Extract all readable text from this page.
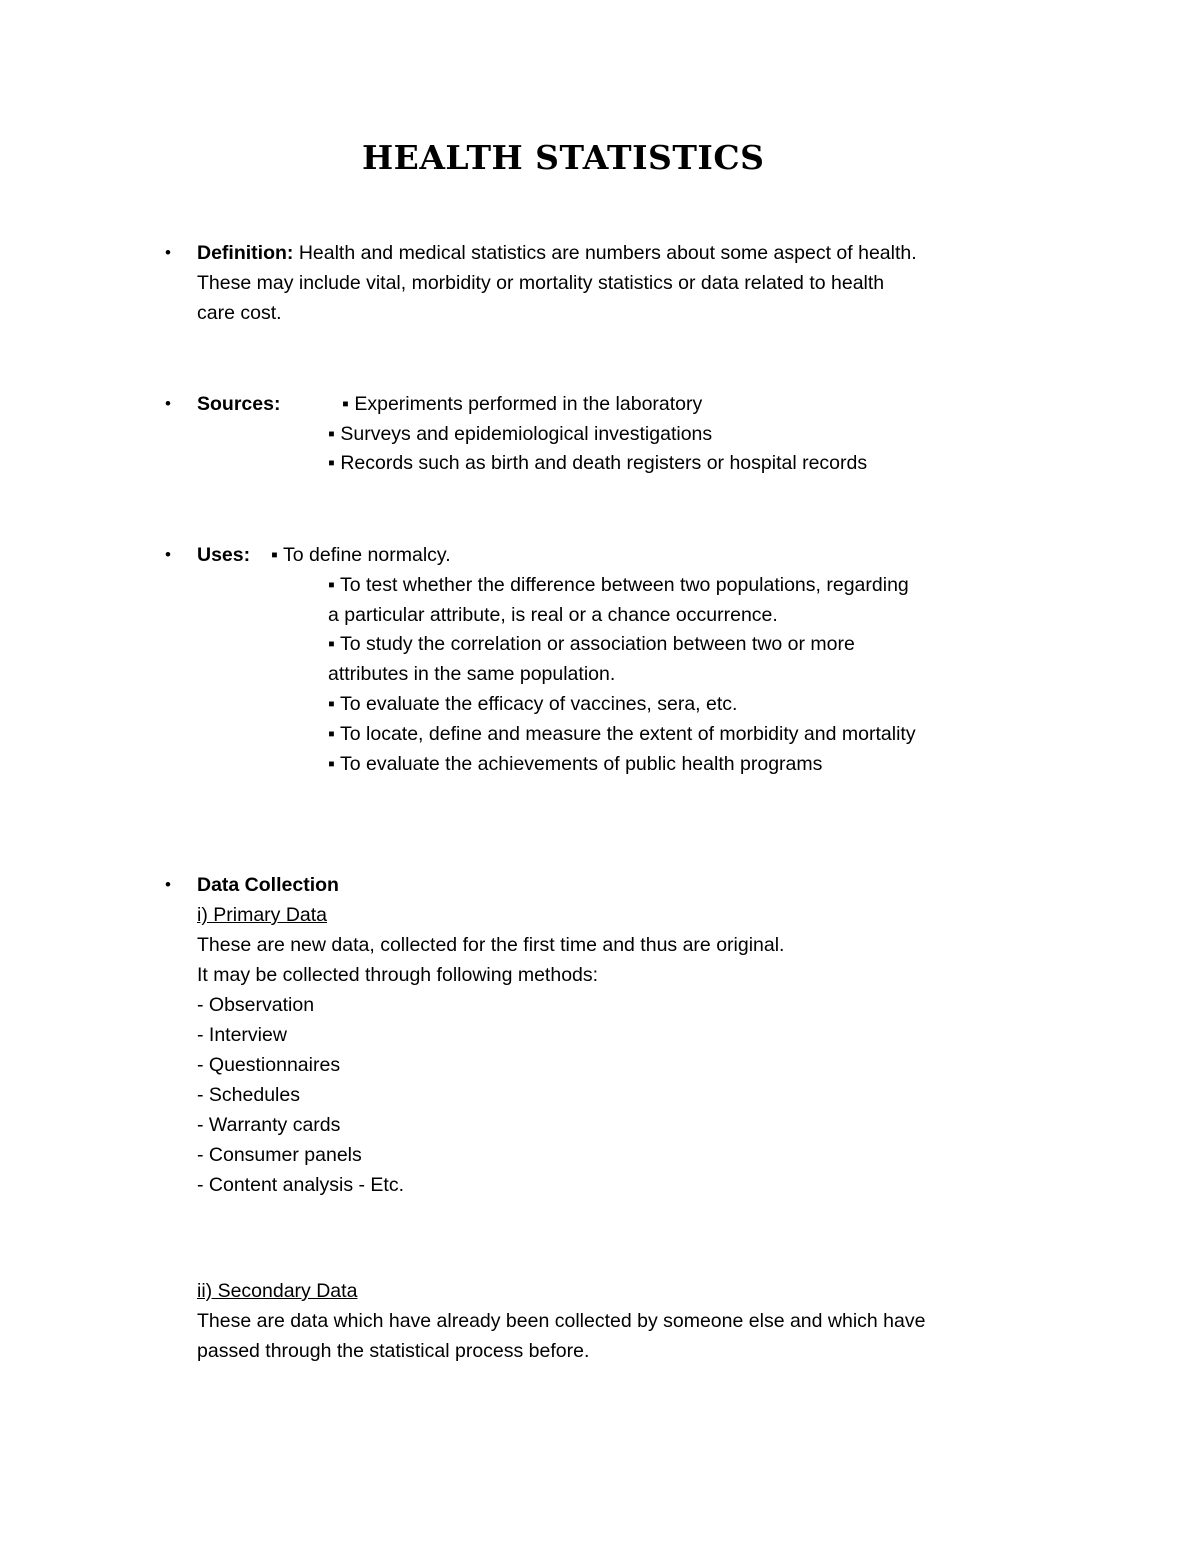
HEALTH STATISTICS
• Definition: Health and medical statistics are numbers about some aspect of health.
These may include vital, morbidity or mortality statistics or data related to health
care cost.
• Sources:	▪ Experiments performed in the laboratory
▪ Surveys and epidemiological investigations
▪ Records such as birth and death registers or hospital records
• Uses: ▪ To define normalcy.
▪ To test whether the difference between two populations, regarding
a particular attribute, is real or a chance occurrence.
▪ To study the correlation or association between two or more
attributes in the same population.
▪ To evaluate the efficacy of vaccines, sera, etc.
▪ To locate, define and measure the extent of morbidity and mortality
▪ To evaluate the achievements of public health programs
• Data Collection
i) Primary Data
These are new data, collected for the first time and thus are original.
It may be collected through following methods:
- Observation
- Interview
- Questionnaires
- Schedules
- Warranty cards
- Consumer panels
- Content analysis - Etc.
ii) Secondary Data
These are data which have already been collected by someone else and which have
passed through the statistical process before.
